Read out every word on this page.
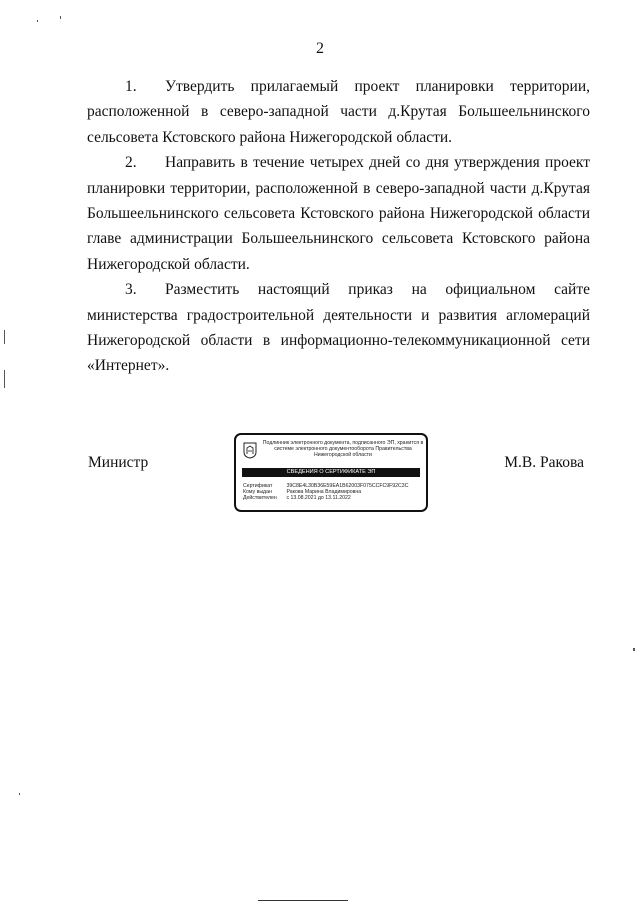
2

1. Утвердить прилагаемый проект планировки территории, расположенной в северо-западной части д.Крутая Большеельнинского сельсовета Кстовского района Нижегородской области.

2. Направить в течение четырех дней со дня утверждения проект планировки территории, расположенной в северо-западной части д.Крутая Большеельнинского сельсовета Кстовского района Нижегородской области главе администрации Большеельнинского сельсовета Кстовского района Нижегородской области.

3. Разместить настоящий приказ на официальном сайте министерства градостроительной деятельности и развития агломераций Нижегородской области в информационно-телекоммуникационной сети «Интернет».

Министр
Подлинник электронного документа, подписанного ЭП, хранится в системе электронного документооборота Правительства Нижегородской области
СВЕДЕНИЯ О СЕРТИФИКАТЕ ЭП
Сертификат	39C8E4L30B36E59EA1B62003F075CCFC9F92C3C
Кому выдан	Ракова Марина Владимировна
Действителен с 13.08.2021 до 13.11.2022
М.В. Ракова
